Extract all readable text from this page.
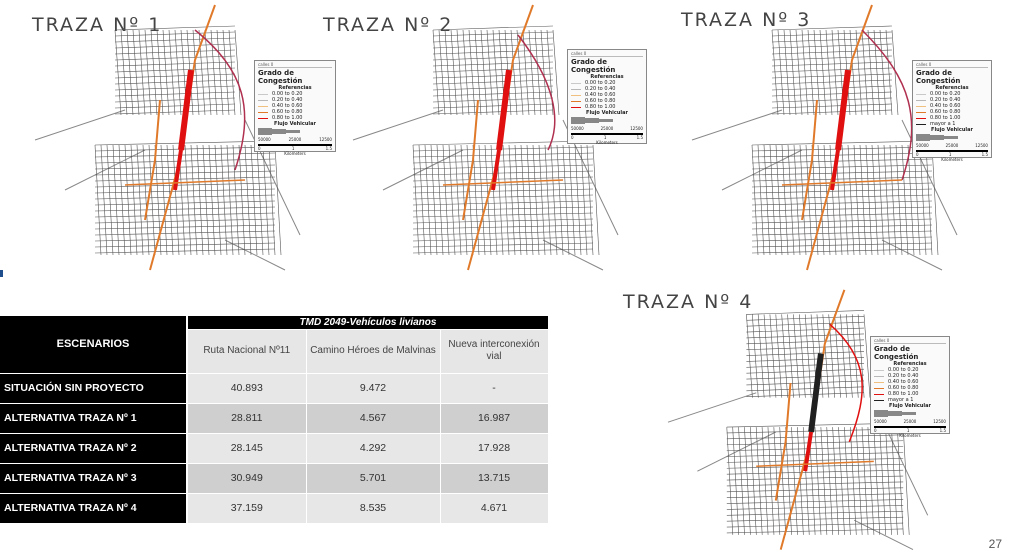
TRAZA Nº 1	TRAZA Nº 2	TRAZA Nº 3
TRAZA Nº 4
calles 0
Grado de Congestión
Referencias
0.00 to 0.20
0.20 to 0.40
0.40 to 0.60
0.60 to 0.80
0.80 to 1.00
Flujo Vehicular
50000	25000	12500
0	1	1.5
Kilometers
calles 0
Grado de Congestión
Referencias
0.00 to 0.20
0.20 to 0.40
0.40 to 0.60
0.60 to 0.80
0.80 to 1.00
Flujo Vehicular
50000	25000	12500
0	1	1.5
Kilometers
calles 0
Grado de Congestión
Referencias
0.00 to 0.20
0.20 to 0.40
0.40 to 0.60
0.60 to 0.80
0.80 to 1.00
mayor a 1
Flujo Vehicular
50000	25000	12500
0	1	1.5
Kilometers
calles 0
Grado de Congestión
Referencias
0.00 to 0.20
0.20 to 0.40
0.40 to 0.60
0.60 to 0.80
0.80 to 1.00
mayor a 1
Flujo Vehicular
50000	25000	12500
0	1	1.5
Kilometers
ESCENARIOS	TMD 2049-Vehículos livianos		
	Ruta Nacional Nº11	Camino Héroes de Malvinas	Nueva interconexión vial
SITUACIÓN SIN PROYECTO	40.893	9.472	-
ALTERNATIVA TRAZA Nº 1	28.811	4.567	16.987
ALTERNATIVA TRAZA Nº 2	28.145	4.292	17.928
ALTERNATIVA TRAZA Nº 3	30.949	5.701	13.715
ALTERNATIVA TRAZA Nº 4	37.159	8.535	4.671
27
